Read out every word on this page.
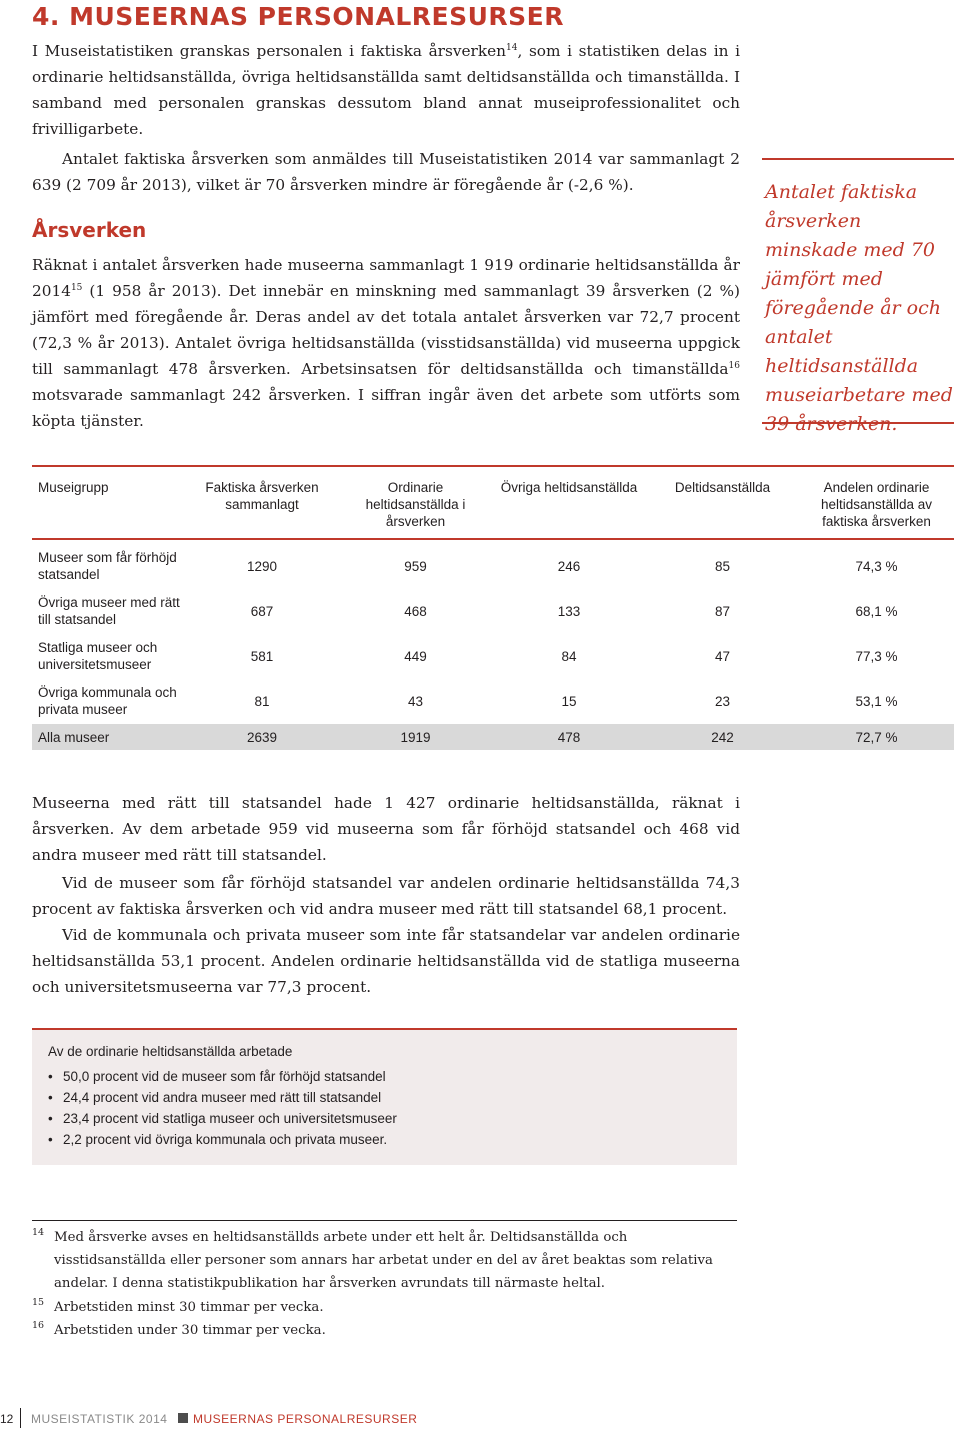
4. MUSEERNAS PERSONALRESURSER

I Museistatistiken granskas personalen i faktiska årsverken$^{14}$, som i statistiken delas in i ordinarie heltidsanställda, övriga heltidsanställda samt deltidsanställda och timanställda. I samband med personalen granskas dessutom bland annat museiprofessionalitet och frivilligarbete.

Antalet faktiska årsverken som anmäldes till Museistatistiken 2014 var sammanlagt 2 639 (2 709 år 2013), vilket är 70 årsverken mindre är föregående år (-2,6 %).

Årsverken

Räknat i antalet årsverken hade museerna sammanlagt 1 919 ordinarie heltidsanställda år 2014$^{15}$ (1 958 år 2013). Det innebär en minskning med sammanlagt 39 årsverken (2 %) jämfört med föregående år. Deras andel av det totala antalet årsverken var 72,7 procent (72,3 % år 2013). Antalet övriga heltidsanställda (visstidsanställda) vid museerna uppgick till sammanlagt 478 årsverken. Arbetsinsatsen för deltidsanställda och timanställda$^{16}$ motsvarade sammanlagt 242 årsverken. I siffran ingår även det arbete som utförts som köpta tjänster.

Antalet faktiska årsverken minskade med 70 jämfört med föregående år och antalet heltidsanställda museiarbetare med 39 årsverken.

Museigrupp	Faktiska årsverken sammanlagt	Ordinarie heltidsanställda i årsverken	Övriga heltidsanställda	Deltidsanställda	Andelen ordinarie heltidsanställda av faktiska årsverken
Museer som får förhöjd statsandel	1290	959	246	85	74,3 %
Övriga museer med rätt till statsandel	687	468	133	87	68,1 %
Statliga museer och universitetsmuseer	581	449	84	47	77,3 %
Övriga kommunala och privata museer	81	43	15	23	53,1 %
Alla museer	2639	1919	478	242	72,7 %

Museerna med rätt till statsandel hade 1 427 ordinarie heltidsanställda, räknat i årsverken. Av dem arbetade 959 vid museerna som får förhöjd statsandel och 468 vid andra museer med rätt till statsandel.

Vid de museer som får förhöjd statsandel var andelen ordinarie heltidsanställda 74,3 procent av faktiska årsverken och vid andra museer med rätt till statsandel 68,1 procent.

Vid de kommunala och privata museer som inte får statsandelar var andelen ordinarie heltidsanställda 53,1 procent. Andelen ordinarie heltidsanställda vid de statliga museerna och universitetsmuseerna var 77,3 procent.

Av de ordinarie heltidsanställda arbetade

• 50,0 procent vid de museer som får förhöjd statsandel
• 24,4 procent vid andra museer med rätt till statsandel
• 23,4 procent vid statliga museer och universitetsmuseer
• 2,2 procent vid övriga kommunala och privata museer.

14 Med årsverke avses en heltidsanställds arbete under ett helt år. Deltidsanställda och visstidsanställda eller personer som annars har arbetat under en del av året beaktas som relativa andelar. I denna statistikpublikation har årsverken avrundats till närmaste heltal.

15 Arbetstiden minst 30 timmar per vecka.

16 Arbetstiden under 30 timmar per vecka.

12	MUSEISTATISTIK 2014 MUSEERNAS PERSONALRESURSER
